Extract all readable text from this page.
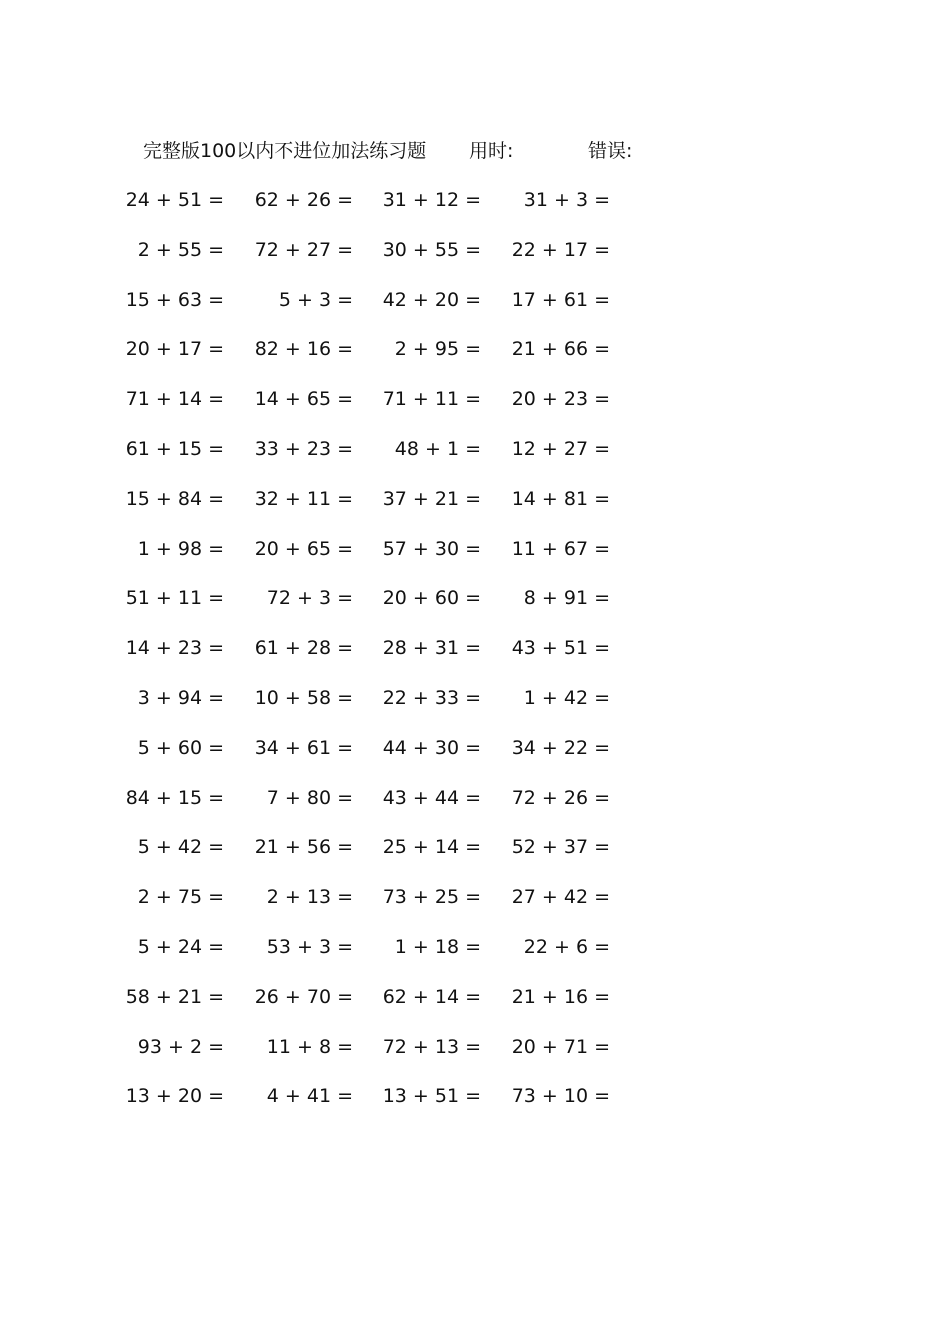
完整版100以内不进位加法练习题 用时:	错误:
24 + 51 = 62 + 26 = 31 + 12 = 31 + 3 =
2 + 55 = 72 + 27 = 30 + 55 = 22 + 17 =
15 + 63 =	5 + 3 = 42 + 20 = 17 + 61 =
20 + 17 = 82 + 16 = 2 + 95 = 21 + 66 =
71 + 14 = 14 + 65 = 71 + 11 = 20 + 23 =
61 + 15 = 33 + 23 = 48 + 1 = 12 + 27 =
15 + 84 = 32 + 11 = 37 + 21 = 14 + 81 =
1 + 98 = 20 + 65 = 57 + 30 = 11 + 67 =
51 + 11 = 72 + 3 = 20 + 60 = 8 + 91 =
14 + 23 = 61 + 28 = 28 + 31 = 43 + 51 =
3 + 94 = 10 + 58 = 22 + 33 = 1 + 42 =
5 + 60 = 34 + 61 = 44 + 30 = 34 + 22 =
84 + 15 = 7 + 80 = 43 + 44 = 72 + 26 =
5 + 42 = 21 + 56 = 25 + 14 = 52 + 37 =
2 + 75 = 2 + 13 = 73 + 25 = 27 + 42 =
5 + 24 = 53 + 3 = 1 + 18 = 22 + 6 =
58 + 21 = 26 + 70 = 62 + 14 = 21 + 16 =
93 + 2 = 11 + 8 = 72 + 13 = 20 + 71 =
13 + 20 = 4 + 41 = 13 + 51 = 73 + 10 =
